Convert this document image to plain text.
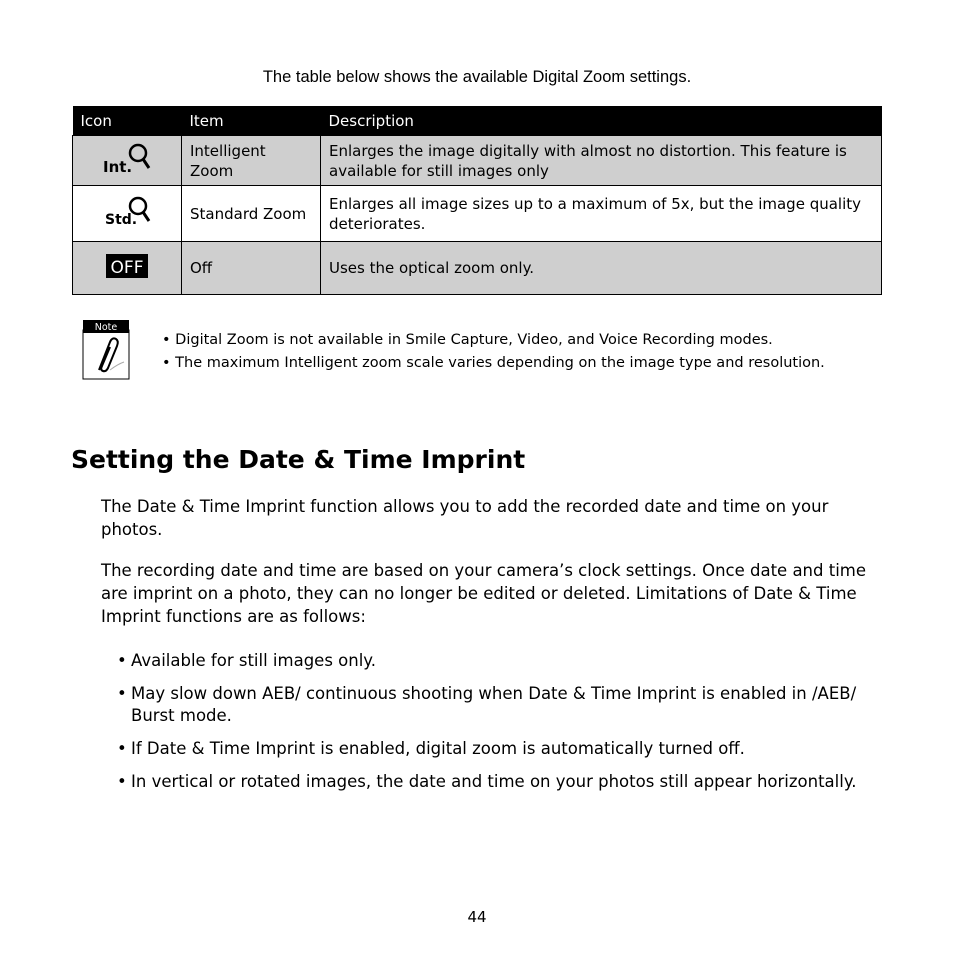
The table below shows the available Digital Zoom settings.
Icon	Item	Description

Int.	Intelligent Zoom	Enlarges the image digitally with almost no distortion. This feature is available for still images only

Std.	Standard Zoom	Enlarges all image sizes up to a maximum of 5x, but the image quality deteriorates.

OFF	Off	Uses the optical zoom only.
Note
• Digital Zoom is not available in Smile Capture, Video, and Voice Recording modes.
• The maximum Intelligent zoom scale varies depending on the image type and resolution.
Setting the Date & Time Imprint

The Date & Time Imprint function allows you to add the recorded date and time on your photos.

The recording date and time are based on your camera’s clock settings. Once date and time are imprint on a photo, they can no longer be edited or deleted. Limitations of Date & Time Imprint functions are as follows:

• Available for still images only.
• May slow down AEB/ continuous shooting when Date & Time Imprint is enabled in /AEB/ Burst mode.
• If Date & Time Imprint is enabled, digital zoom is automatically turned off.
• In vertical or rotated images, the date and time on your photos still appear horizontally.
44
